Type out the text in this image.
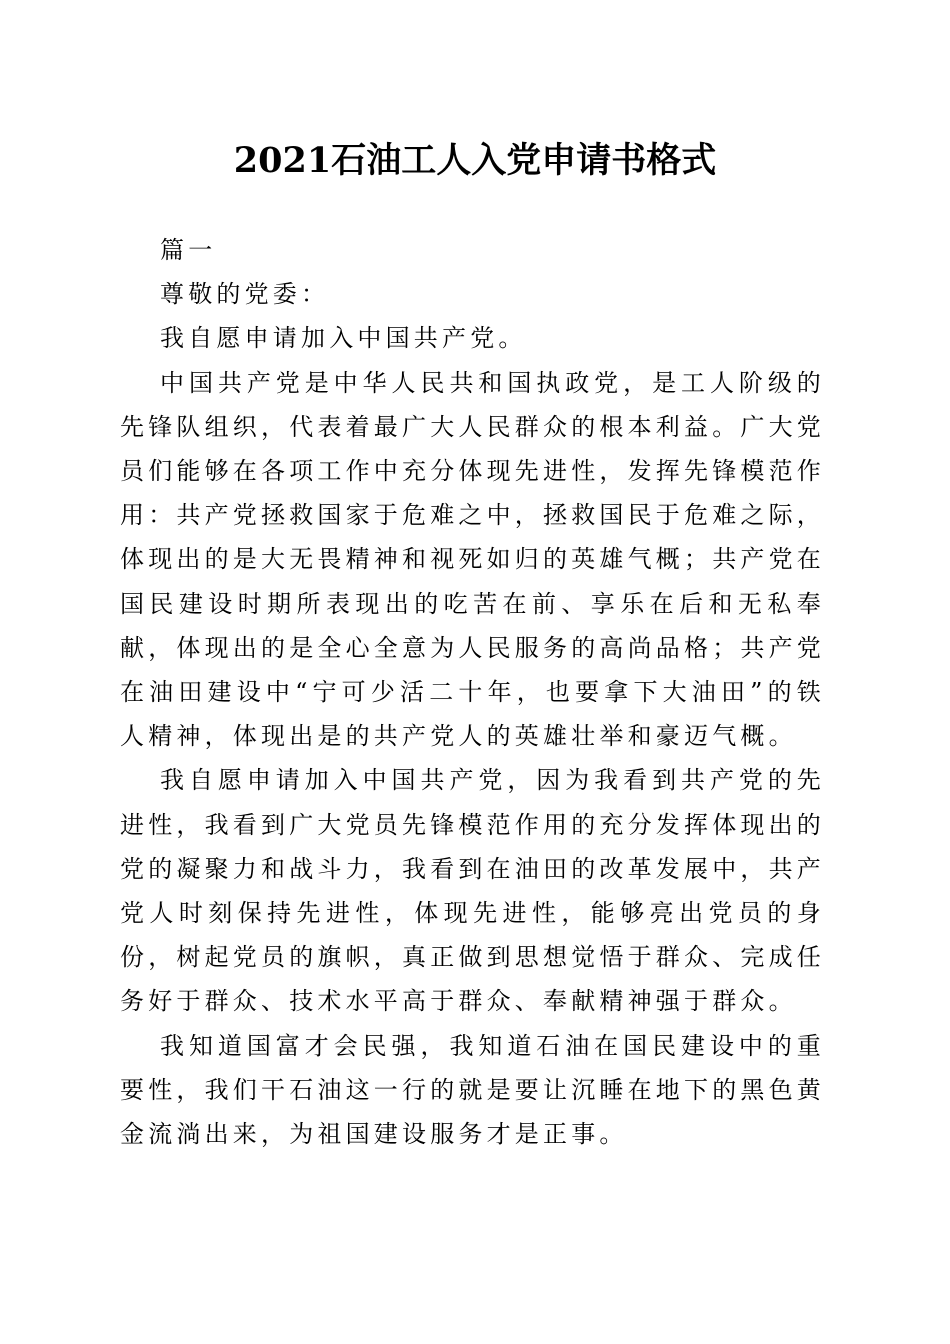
2021石油工人入党申请书格式

篇一

尊敬的党委：

我自愿申请加入中国共产党。

中国共产党是中华人民共和国执政党，是工人阶级的先锋队组织，代表着最广大人民群众的根本利益。广大党员们能够在各项工作中充分体现先进性，发挥先锋模范作用：共产党拯救国家于危难之中，拯救国民于危难之际，体现出的是大无畏精神和视死如归的英雄气概；共产党在国民建设时期所表现出的吃苦在前、享乐在后和无私奉献，体现出的是全心全意为人民服务的高尚品格；共产党在油田建设中“宁可少活二十年，也要拿下大油田”的铁人精神，体现出是的共产党人的英雄壮举和豪迈气概。

我自愿申请加入中国共产党，因为我看到共产党的先进性，我看到广大党员先锋模范作用的充分发挥体现出的党的凝聚力和战斗力，我看到在油田的改革发展中，共产党人时刻保持先进性，体现先进性，能够亮出党员的身份，树起党员的旗帜，真正做到思想觉悟于群众、完成任务好于群众、技术水平高于群众、奉献精神强于群众。

我知道国富才会民强，我知道石油在国民建设中的重要性，我们干石油这一行的就是要让沉睡在地下的黑色黄金流淌出来，为祖国建设服务才是正事。
